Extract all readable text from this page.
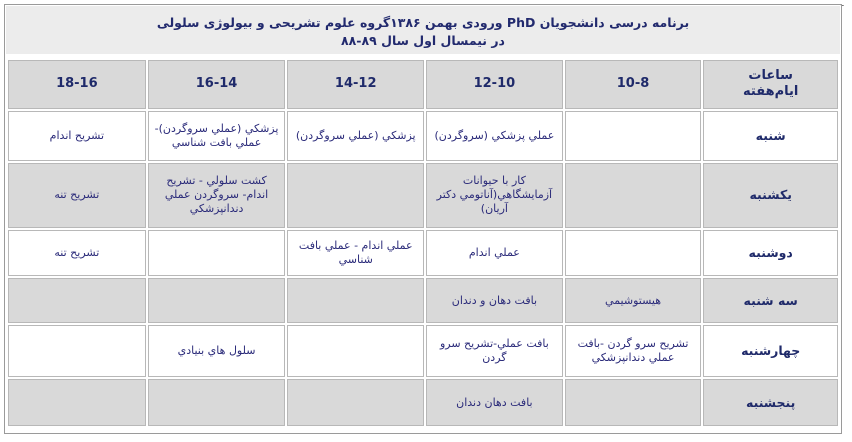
ـ
برنامه درسی دانشجویان PhD ورودی بهمن ۱۳۸۶گروه علوم تشریحی و بیولوژی سلولی
در نیمسال اول سال ۸۹-۸۸
ساعات
ایام‌هفته	10-8	12-10	14-12	16-14	18-16
شنبه		عملي پزشكي (سروگردن)	پزشكي (عملي سروگردن)	پزشكي (عملي سروگردن)-عملي بافت شناسي	تشريح اندام
یکشنبه		كار با حيوانات آزمايشگاهي(آناتومي دكتر آريان)		كشت سلولي - تشريح اندام- سروگردن عملي دندانپزشكي	تشريح تنه
دوشنبه		عملي اندام	عملي اندام - عملي بافت شناسي		تشريح تنه
سه شنبه	هيستوشيمي	بافت دهان و دندان			
چهارشنبه	تشريح سرو گردن -بافت عملي دندانپزشكي	بافت عملي-تشريح سرو گردن		سلول هاي بنيادي	
پنجشنبه		بافت دهان دندان			
